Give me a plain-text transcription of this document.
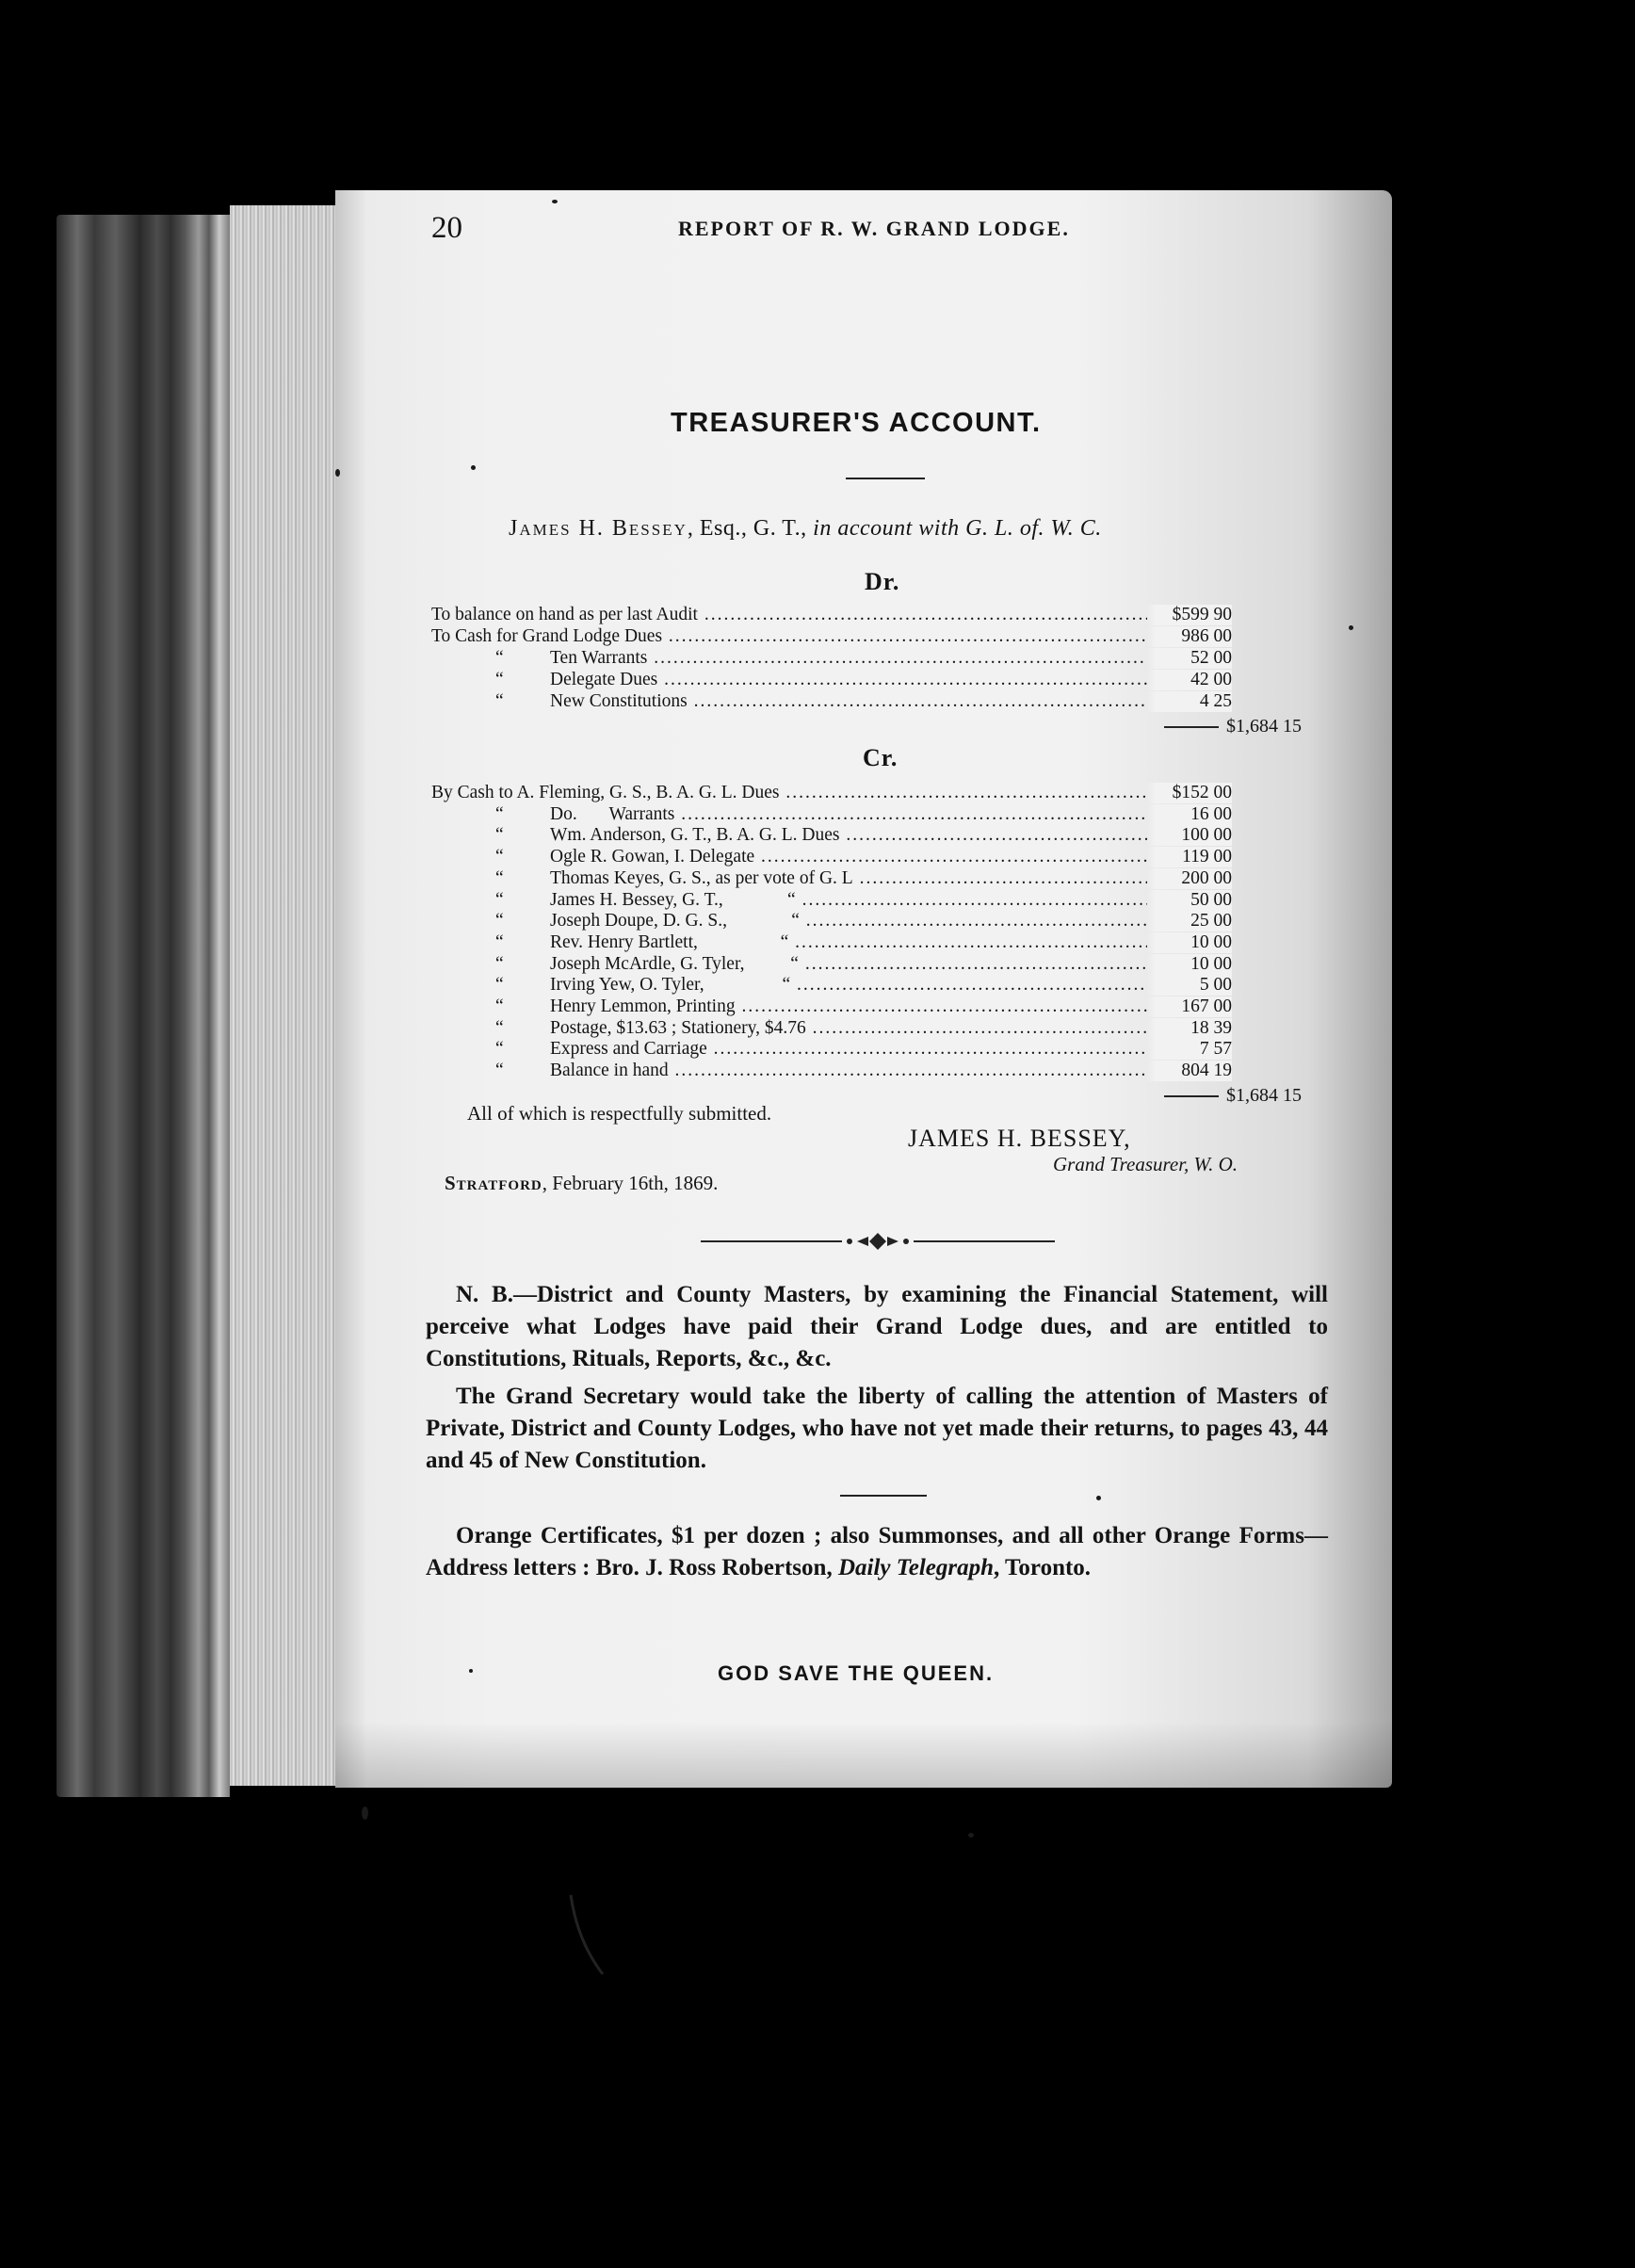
20	REPORT OF R. W. GRAND LODGE.
TREASURER'S ACCOUNT.
James H. Bessey, Esq., G. T., in account with G. L. of. W. C.
Dr.
To balance on hand as per last Audit .....	$599 90
To Cash for Grand Lodge Dues .....	986 00
“	Ten Warrants .....	52 00
“	Delegate Dues .....	42 00
“	New Constitutions .....	4 25
$1,684 15
Cr.
By Cash to A. Fleming, G. S., B. A. G. L. Dues .....	$152 00
“	Do.       Warrants .....	16 00
“	Wm. Anderson, G. T., B. A. G. L. Dues .....	100 00
“	Ogle R. Gowan, I. Delegate .....	119 00
“	Thomas Keyes, G. S., as per vote of G. L .....	200 00
“	James H. Bessey, G. T.,              “ .....	50 00
“	Joseph Doupe, D. G. S.,              “ .....	25 00
“	Rev. Henry Bartlett,                  “ .....	10 00
“	Joseph McArdle, G. Tyler,          “ .....	10 00
“	Irving Yew, O. Tyler,                 “ .....	5 00
“	Henry Lemmon, Printing .....	167 00
“	Postage, $13.63 ; Stationery, $4.76 .....	18 39
“	Express and Carriage .....	7 57
“	Balance in hand .....	804 19
$1,684 15
All of which is respectfully submitted.
JAMES H. BESSEY,
Grand Treasurer, W. O.
Stratford, February 16th, 1869.
N. B.—District and County Masters, by examining the Financial Statement, will perceive what Lodges have paid their Grand Lodge dues, and are entitled to Constitutions, Rituals, Reports, &c., &c.
The Grand Secretary would take the liberty of calling the attention of Masters of Private, District and County Lodges, who have not yet made their returns, to pages 43, 44 and 45 of New Constitution.
Orange Certificates, $1 per dozen ; also Summonses, and all other Orange Forms—Address letters : Bro. J. Ross Robertson, Daily Telegraph, Toronto.
GOD SAVE THE QUEEN.
